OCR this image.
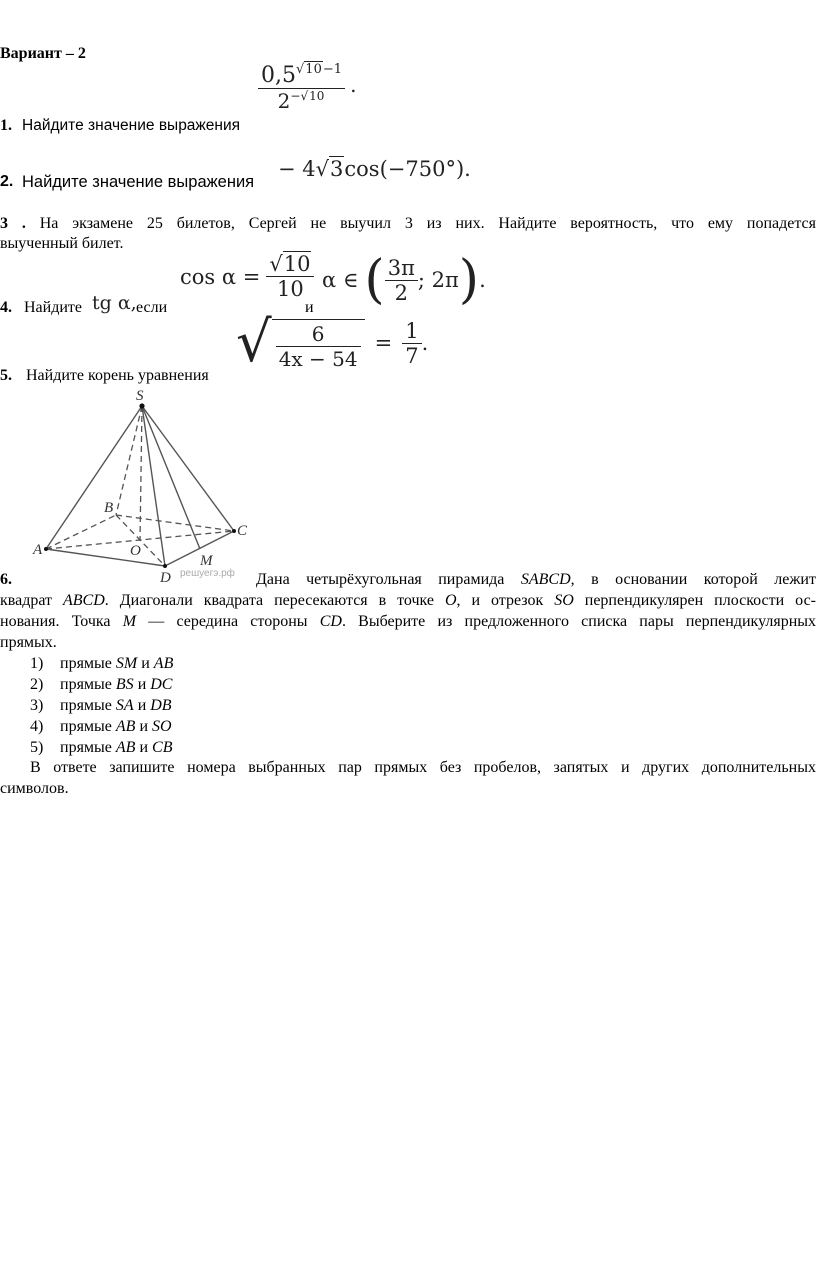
Вариант – 2
1. Найдите значение выражения
$\frac{0,5^{√10-1}}{2^{-√10}}$ .
2. Найдите значение выражения
− 4√3cos(−750°).
3 . На экзамене 25 билетов, Сергей не выучил 3 из них. Найдите вероятность, что ему попадется
выученный билет.
4. Найдите tg α, если
$\cos \alpha = \frac{√10}{10}$
и
α ∈ ( $\frac{3\pi}{2}$ ; 2π ) .
5. Найдите корень уравнения
√ $\frac{6}{4x - 54} = \frac{1}{7}$ .
S
A
B
C
D
O
M
решуегэ.рф
6.	Дана четырёхугольная пирамида SABCD, в основании которой лежит
квадрат ABCD. Диагонали квадрата пересекаются в точке O, и отрезок SO перпендикулярен плоскости ос-
нования. Точка M — середина стороны CD. Выберите из предложенного списка пары перпендикулярных
прямых.
1) прямые SM и AB
2) прямые BS и DC
3) прямые SA и DB
4) прямые AB и SO
5) прямые AB и CB
В ответе запишите номера выбранных пар прямых без пробелов, запятых и других дополнительных
символов.
